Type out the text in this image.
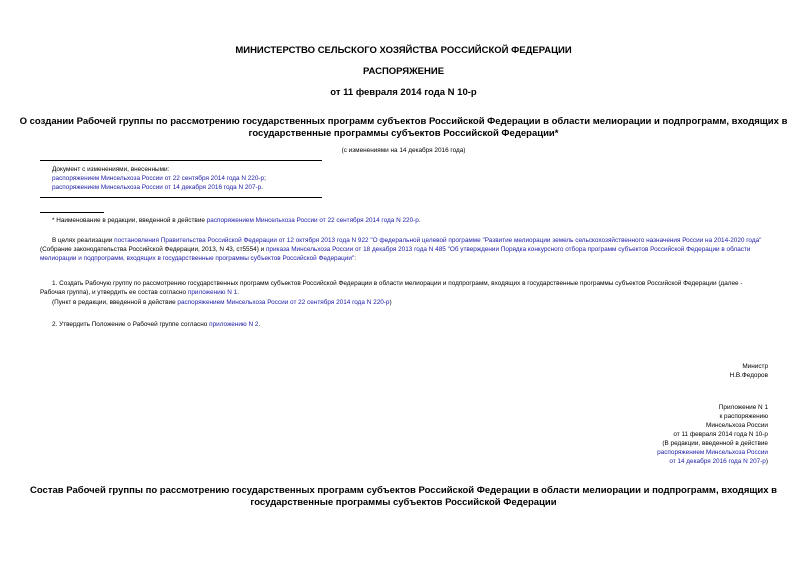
МИНИСТЕРСТВО СЕЛЬСКОГО ХОЗЯЙСТВА РОССИЙСКОЙ ФЕДЕРАЦИИ
РАСПОРЯЖЕНИЕ
от 11 февраля 2014 года N 10-р
О создании Рабочей группы по рассмотрению государственных программ субъектов Российской Федерации в области мелиорации и подпрограмм, входящих в
государственные программы субъектов Российской Федерации*
(с изменениями на 14 декабря 2016 года)

Документ с изменениями, внесенными:

распоряжением Минсельхоза России от 22 сентября 2014 года N 220-р;

распоряжением Минсельхоза России от 14 декабря 2016 года N 207-р.

* Наименование в редакции, введенной в действие распоряжением Минсельхоза России от 22 сентября 2014 года N 220-р.
В целях реализации постановления Правительства Российской Федерации от 12 октября 2013 года N 922 "О федеральной целевой программе "Развитие мелиорации земель сельскохозяйственного назначения России на 2014-2020 года" (Собрание законодательства Российской Федерации, 2013, N 43, ст5554) и приказа Минсельхоза России от 18 декабря 2013 года N 485 "Об утверждении Порядка конкурсного отбора программ субъектов Российской Федерации в области мелиорации и подпрограмм, входящих в государственные программы субъектов Российской Федерации":
1. Создать Рабочую группу по рассмотрению государственных программ субъектов Российской Федерации в области мелиорации и подпрограмм, входящих в государственные программы субъектов Российской Федерации (далее - Рабочая группа), и утвердить ее состав согласно приложению N 1.
(Пункт в редакции, введенной в действие распоряжением Минсельхоза России от 22 сентября 2014 года N 220-р)
2. Утвердить Положение о Рабочей группе согласно приложению N 2.

Министр

Н.В.Федоров

Приложение N 1

к распоряжению

Минсельхоза России

от 11 февраля 2014 года N 10-р

(В редакции, введенной в действие

распоряжением Минсельхоза России

от 14 декабря 2016 года N 207-р)

Состав Рабочей группы по рассмотрению государственных программ субъектов Российской Федерации в области мелиорации и подпрограмм, входящих в
государственные программы субъектов Российской Федерации
